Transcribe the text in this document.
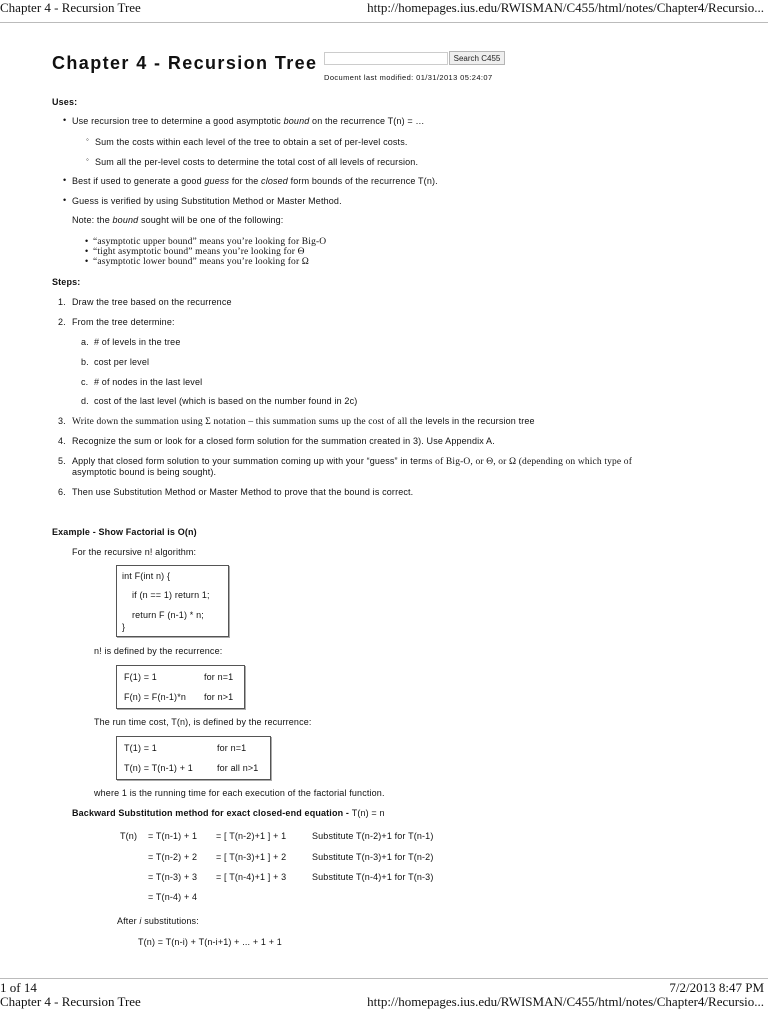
Chapter 4 - Recursion Tree	http://homepages.ius.edu/RWISMAN/C455/html/notes/Chapter4/Recursio...
1 of 14	7/2/2013 8:47 PM
Chapter 4 - Recursion Tree	http://homepages.ius.edu/RWISMAN/C455/html/notes/Chapter4/Recursio...
Chapter 4 - Recursion Tree	Search C455
Document last modified: 01/31/2013 05:24:07
Uses:
• Use recursion tree to determine a good asymptotic bound on the recurrence T(n) = …
◦ Sum the costs within each level of the tree to obtain a set of per-level costs.
◦ Sum all the per-level costs to determine the total cost of all levels of recursion.
• Best if used to generate a good guess for the closed form bounds of the recurrence T(n).
• Guess is verified by using Substitution Method or Master Method.
Note: the bound sought will be one of the following:
• “asymptotic upper bound” means you’re looking for Big-O
• “tight asymptotic bound” means you’re looking for Θ
• “asymptotic lower bound” means you’re looking for Ω
Steps:
1. Draw the tree based on the recurrence
2. From the tree determine:
a. # of levels in the tree
b. cost per level
c. # of nodes in the last level
d. cost of the last level (which is based on the number found in 2c)
3. Write down the summation using Σ notation – this summation sums up the cost of all the levels in the recursion tree
4. Recognize the sum or look for a closed form solution for the summation created in 3). Use Appendix A.
5. Apply that closed form solution to your summation coming up with your “guess” in terms of Big-O, or Θ, or Ω (depending on which type of
asymptotic bound is being sought).
6. Then use Substitution Method or Master Method to prove that the bound is correct.
Example - Show Factorial is O(n)
For the recursive n! algorithm:
int F(int n) {
if (n == 1) return 1;
return F (n-1) * n;
}
n! is defined by the recurrence:
F(1) = 1	for n=1
F(n) = F(n-1)*n for n>1
The run time cost, T(n), is defined by the recurrence:
T(1) = 1	for n=1
T(n) = T(n-1) + 1	for all n>1
where 1 is the running time for each execution of the factorial function.
Backward Substitution method for exact closed-end equation - T(n) = n
T(n) = T(n-1) + 1 = [ T(n-2)+1 ] + 1	Substitute T(n-2)+1 for T(n-1)
= T(n-2) + 2 = [ T(n-3)+1 ] + 2	Substitute T(n-3)+1 for T(n-2)
= T(n-3) + 3 = [ T(n-4)+1 ] + 3	Substitute T(n-4)+1 for T(n-3)
= T(n-4) + 4
After i substitutions:
T(n) = T(n-i) + T(n-i+1) + ... + 1 + 1
